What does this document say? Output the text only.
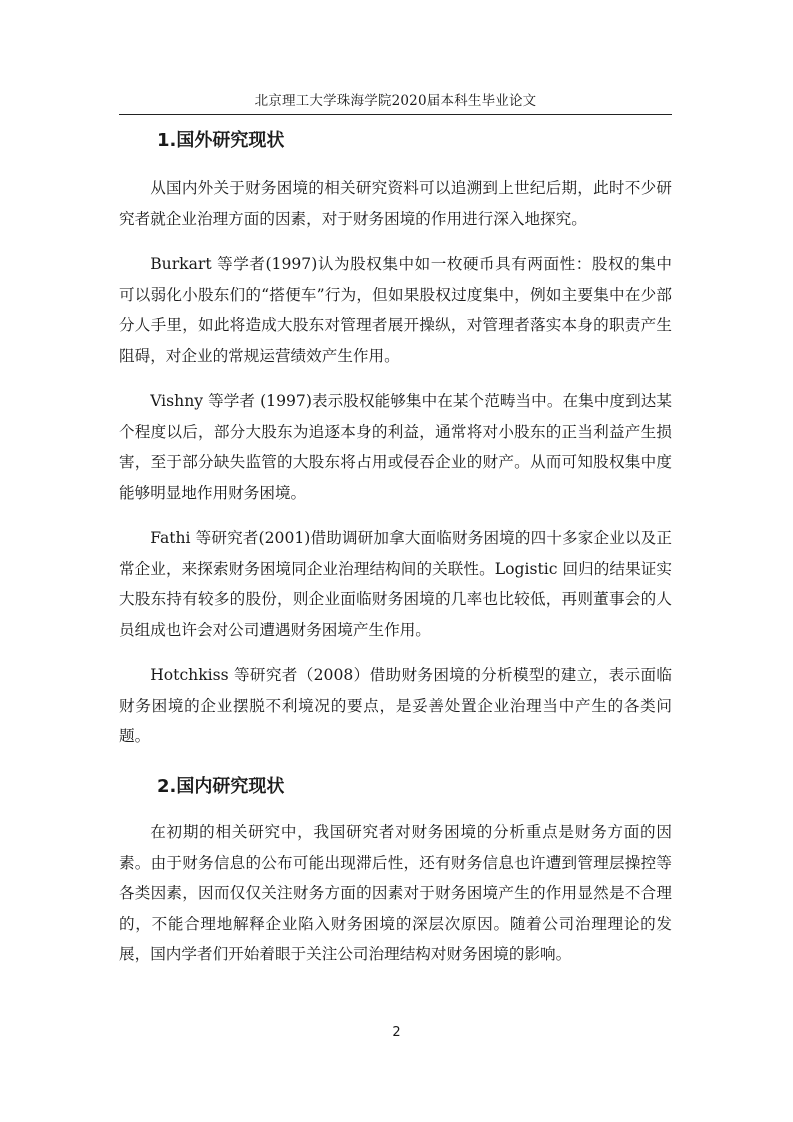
北京理工大学珠海学院2020届本科生毕业论文
1.国外研究现状

从国内外关于财务困境的相关研究资料可以追溯到上世纪后期，此时不少研究者就企业治理方面的因素，对于财务困境的作用进行深入地探究。

Burkart 等学者(1997)认为股权集中如一枚硬币具有两面性：股权的集中可以弱化小股东们的“搭便车”行为，但如果股权过度集中，例如主要集中在少部分人手里，如此将造成大股东对管理者展开操纵，对管理者落实本身的职责产生阻碍，对企业的常规运营绩效产生作用。

Vishny 等学者 (1997)表示股权能够集中在某个范畴当中。在集中度到达某个程度以后，部分大股东为追逐本身的利益，通常将对小股东的正当利益产生损害，至于部分缺失监管的大股东将占用或侵吞企业的财产。从而可知股权集中度能够明显地作用财务困境。

Fathi 等研究者(2001)借助调研加拿大面临财务困境的四十多家企业以及正常企业，来探索财务困境同企业治理结构间的关联性。Logistic 回归的结果证实大股东持有较多的股份，则企业面临财务困境的几率也比较低，再则董事会的人员组成也许会对公司遭遇财务困境产生作用。

Hotchkiss 等研究者（2008）借助财务困境的分析模型的建立，表示面临财务困境的企业摆脱不利境况的要点，是妥善处置企业治理当中产生的各类问题。

2.国内研究现状

在初期的相关研究中，我国研究者对财务困境的分析重点是财务方面的因素。由于财务信息的公布可能出现滞后性，还有财务信息也许遭到管理层操控等各类因素，因而仅仅关注财务方面的因素对于财务困境产生的作用显然是不合理的，不能合理地解释企业陷入财务困境的深层次原因。随着公司治理理论的发展，国内学者们开始着眼于关注公司治理结构对财务困境的影响。

2
